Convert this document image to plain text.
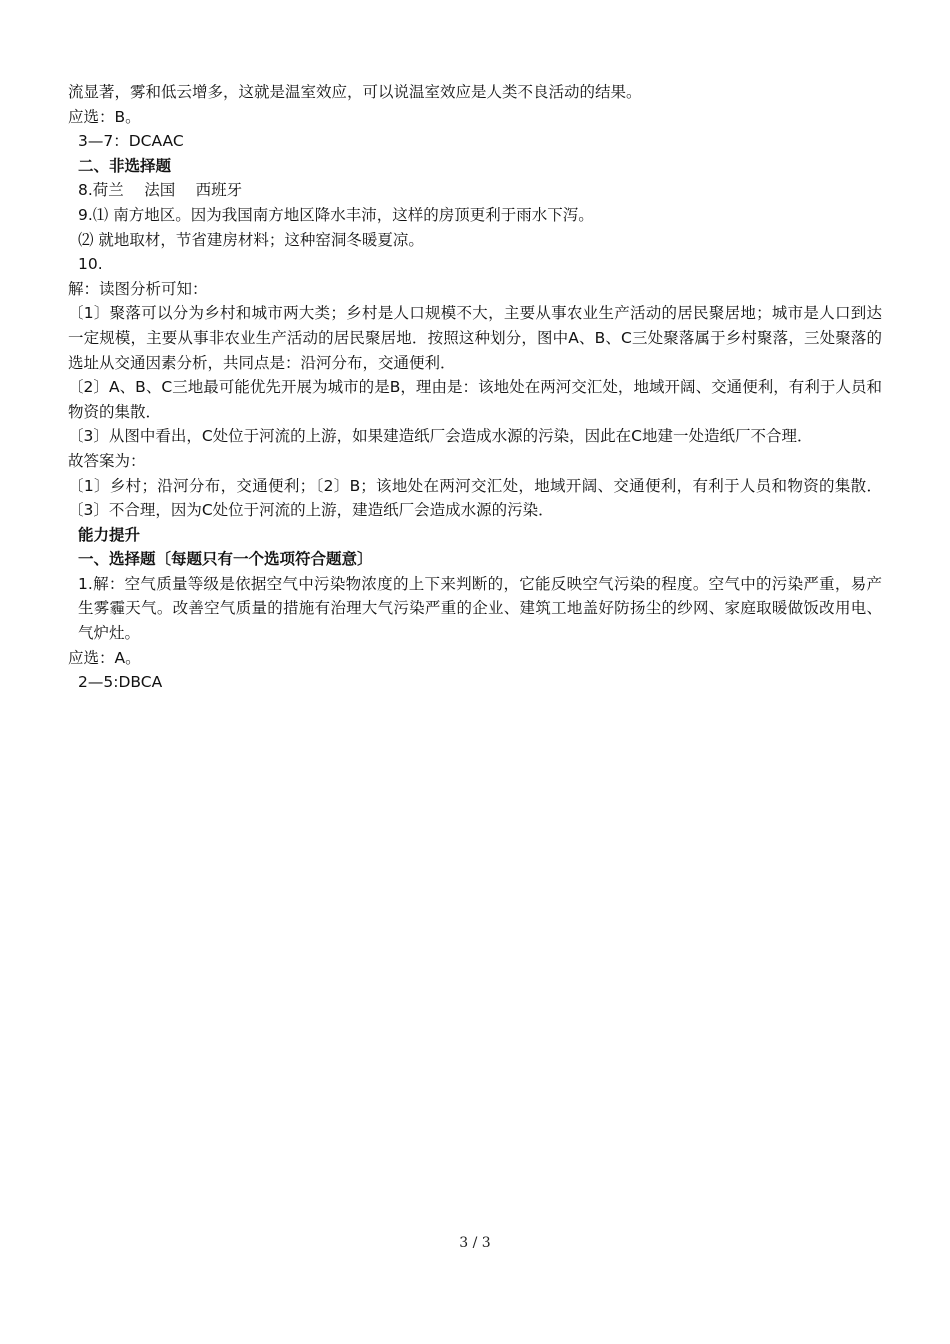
流显著，雾和低云增多，这就是温室效应，可以说温室效应是人类不良活动的结果。

应选：B。

3—7：DCAAC

二、非选择题

8.荷兰　 法国　 西班牙

9.⑴ 南方地区。因为我国南方地区降水丰沛，这样的房顶更利于雨水下泻。

⑵ 就地取材，节省建房材料；这种窑洞冬暖夏凉。

10.

解：读图分析可知：

〔1〕聚落可以分为乡村和城市两大类；乡村是人口规模不大，主要从事农业生产活动的居民聚居地；城市是人口到达一定规模，主要从事非农业生产活动的居民聚居地．按照这种划分，图中A、B、C三处聚落属于乡村聚落，三处聚落的选址从交通因素分析，共同点是：沿河分布，交通便利．

〔2〕A、B、C三地最可能优先开展为城市的是B，理由是：该地处在两河交汇处，地域开阔、交通便利，有利于人员和物资的集散．

〔3〕从图中看出，C处位于河流的上游，如果建造纸厂会造成水源的污染，因此在C地建一处造纸厂不合理．

故答案为：

〔1〕乡村；沿河分布，交通便利；〔2〕B；该地处在两河交汇处，地域开阔、交通便利，有利于人员和物资的集散．〔3〕不合理，因为C处位于河流的上游，建造纸厂会造成水源的污染．

能力提升

一、选择题〔每题只有一个选项符合题意〕

1.解：空气质量等级是依据空气中污染物浓度的上下来判断的，它能反映空气污染的程度。空气中的污染严重，易产生雾霾天气。改善空气质量的措施有治理大气污染严重的企业、建筑工地盖好防扬尘的纱网、家庭取暖做饭改用电、气炉灶。

应选：A。

2—5:DBCA

3 / 3
